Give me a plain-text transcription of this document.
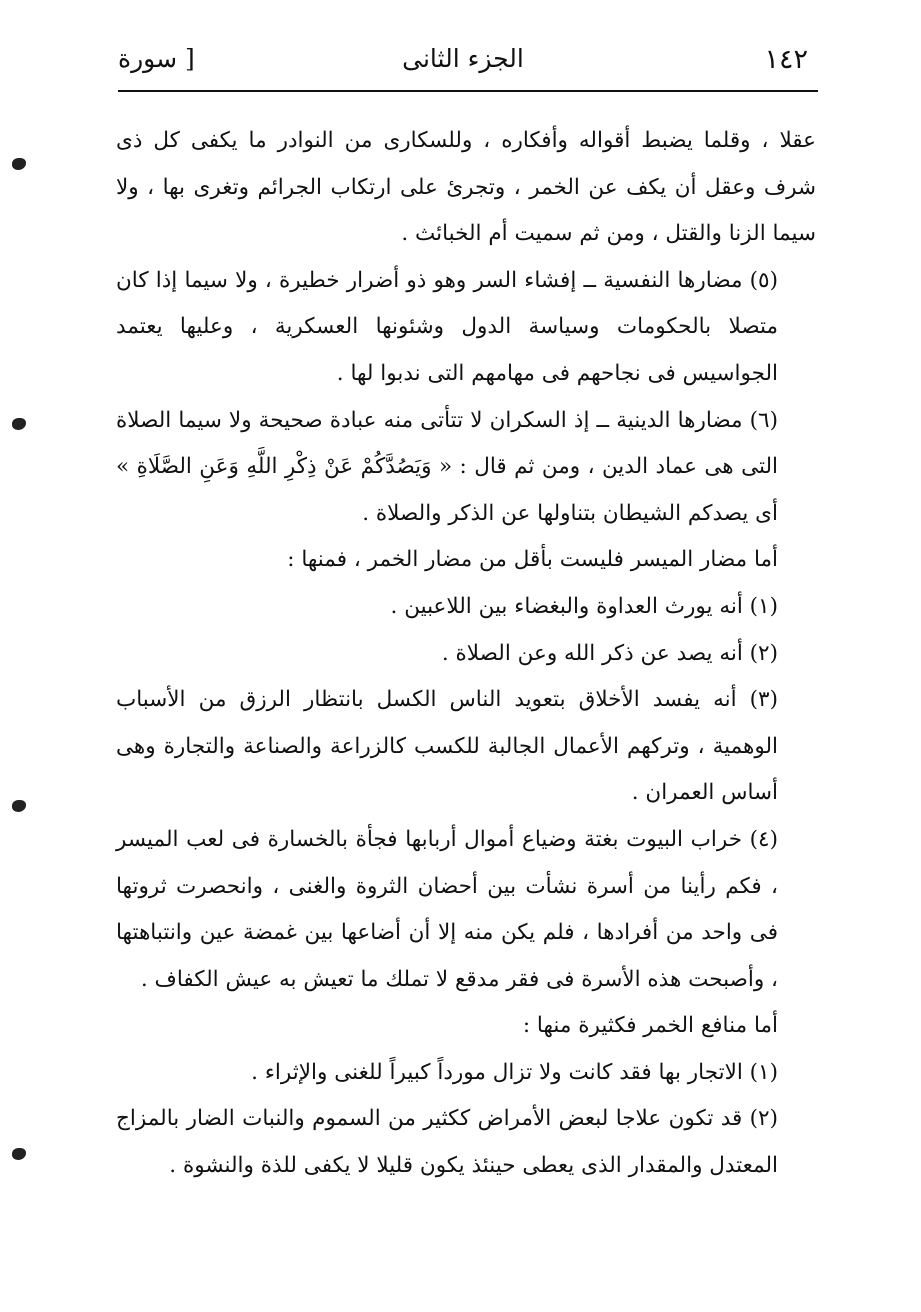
١٤٢
الجزء الثانى
[ سورة

عقلا ، وقلما يضبط أقواله وأفكاره ، وللسكارى من النوادر ما يكفى كل ذى شرف وعقل أن يكف عن الخمر ، وتجرئ على ارتكاب الجرائم وتغرى بها ، ولا سيما الزنا والقتل ، ومن ثم سميت أم الخبائث .

(٥) مضارها النفسية ــ إفشاء السر وهو ذو أضرار خطيرة ، ولا سيما إذا كان متصلا بالحكومات وسياسة الدول وشئونها العسكرية ، وعليها يعتمد الجواسيس فى نجاحهم فى مهامهم التى ندبوا لها .

(٦) مضارها الدينية ــ إذ السكران لا تتأتى منه عبادة صحيحة ولا سيما الصلاة التى هى عماد الدين ، ومن ثم قال : « وَيَصُدَّكُمْ عَنْ ذِكْرِ اللَّهِ وَعَنِ الصَّلَاةِ » أى يصدكم الشيطان بتناولها عن الذكر والصلاة .

أما مضار الميسر فليست بأقل من مضار الخمر ، فمنها :

(١) أنه يورث العداوة والبغضاء بين اللاعبين .

(٢) أنه يصد عن ذكر الله وعن الصلاة .

(٣) أنه يفسد الأخلاق بتعويد الناس الكسل بانتظار الرزق من الأسباب الوهمية ، وتركهم الأعمال الجالبة للكسب كالزراعة والصناعة والتجارة وهى أساس العمران .

(٤) خراب البيوت بغتة وضياع أموال أربابها فجأة بالخسارة فى لعب الميسر ، فكم رأينا من أسرة نشأت بين أحضان الثروة والغنى ، وانحصرت ثروتها فى واحد من أفرادها ، فلم يكن منه إلا أن أضاعها بين غمضة عين وانتباهتها ، وأصبحت هذه الأسرة فى فقر مدقع لا تملك ما تعيش به عيش الكفاف .

أما منافع الخمر فكثيرة منها :

(١) الاتجار بها فقد كانت ولا تزال مورداً كبيراً للغنى والإثراء .

(٢) قد تكون علاجا لبعض الأمراض ككثير من السموم والنبات الضار بالمزاج المعتدل والمقدار الذى يعطى حينئذ يكون قليلا لا يكفى للذة والنشوة .
